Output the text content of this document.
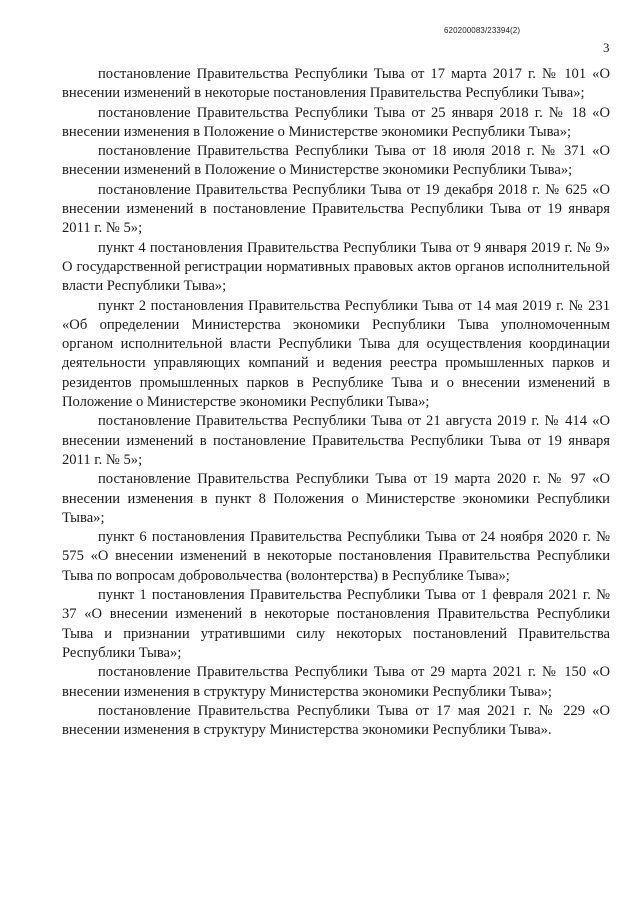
620200083/23394(2)
3

постановление Правительства Республики Тыва от 17 марта 2017 г. № 101 «О внесении изменений в некоторые постановления Правительства Республики Тыва»;

постановление Правительства Республики Тыва от 25 января 2018 г. № 18 «О внесении изменения в Положение о Министерстве экономики Республики Тыва»;

постановление Правительства Республики Тыва от 18 июля 2018 г. № 371 «О внесении изменений в Положение о Министерстве экономики Республики Тыва»;

постановление Правительства Республики Тыва от 19 декабря 2018 г. № 625 «О внесении изменений в постановление Правительства Республики Тыва от 19 января 2011 г. № 5»;

пункт 4 постановления Правительства Республики Тыва от 9 января 2019 г. № 9» О государственной регистрации нормативных правовых актов органов исполнительной власти Республики Тыва»;

пункт 2 постановления Правительства Республики Тыва от 14 мая 2019 г. № 231 «Об определении Министерства экономики Республики Тыва уполномоченным органом исполнительной власти Республики Тыва для осуществления координации деятельности управляющих компаний и ведения реестра промышленных парков и резидентов промышленных парков в Республике Тыва и о внесении изменений в Положение о Министерстве экономики Республики Тыва»;

постановление Правительства Республики Тыва от 21 августа 2019 г. № 414 «О внесении изменений в постановление Правительства Республики Тыва от 19 января 2011 г. № 5»;

постановление Правительства Республики Тыва от 19 марта 2020 г. № 97 «О внесении изменения в пункт 8 Положения о Министерстве экономики Республики Тыва»;

пункт 6 постановления Правительства Республики Тыва от 24 ноября 2020 г. № 575 «О внесении изменений в некоторые постановления Правительства Республики Тыва по вопросам добровольчества (волонтерства) в Республике Тыва»;

пункт 1 постановления Правительства Республики Тыва от 1 февраля 2021 г. № 37 «О внесении изменений в некоторые постановления Правительства Республики Тыва и признании утратившими силу некоторых постановлений Правительства Республики Тыва»;

постановление Правительства Республики Тыва от 29 марта 2021 г. № 150 «О внесении изменения в структуру Министерства экономики Республики Тыва»;

постановление Правительства Республики Тыва от 17 мая 2021 г. № 229 «О внесении изменения в структуру Министерства экономики Республики Тыва».
